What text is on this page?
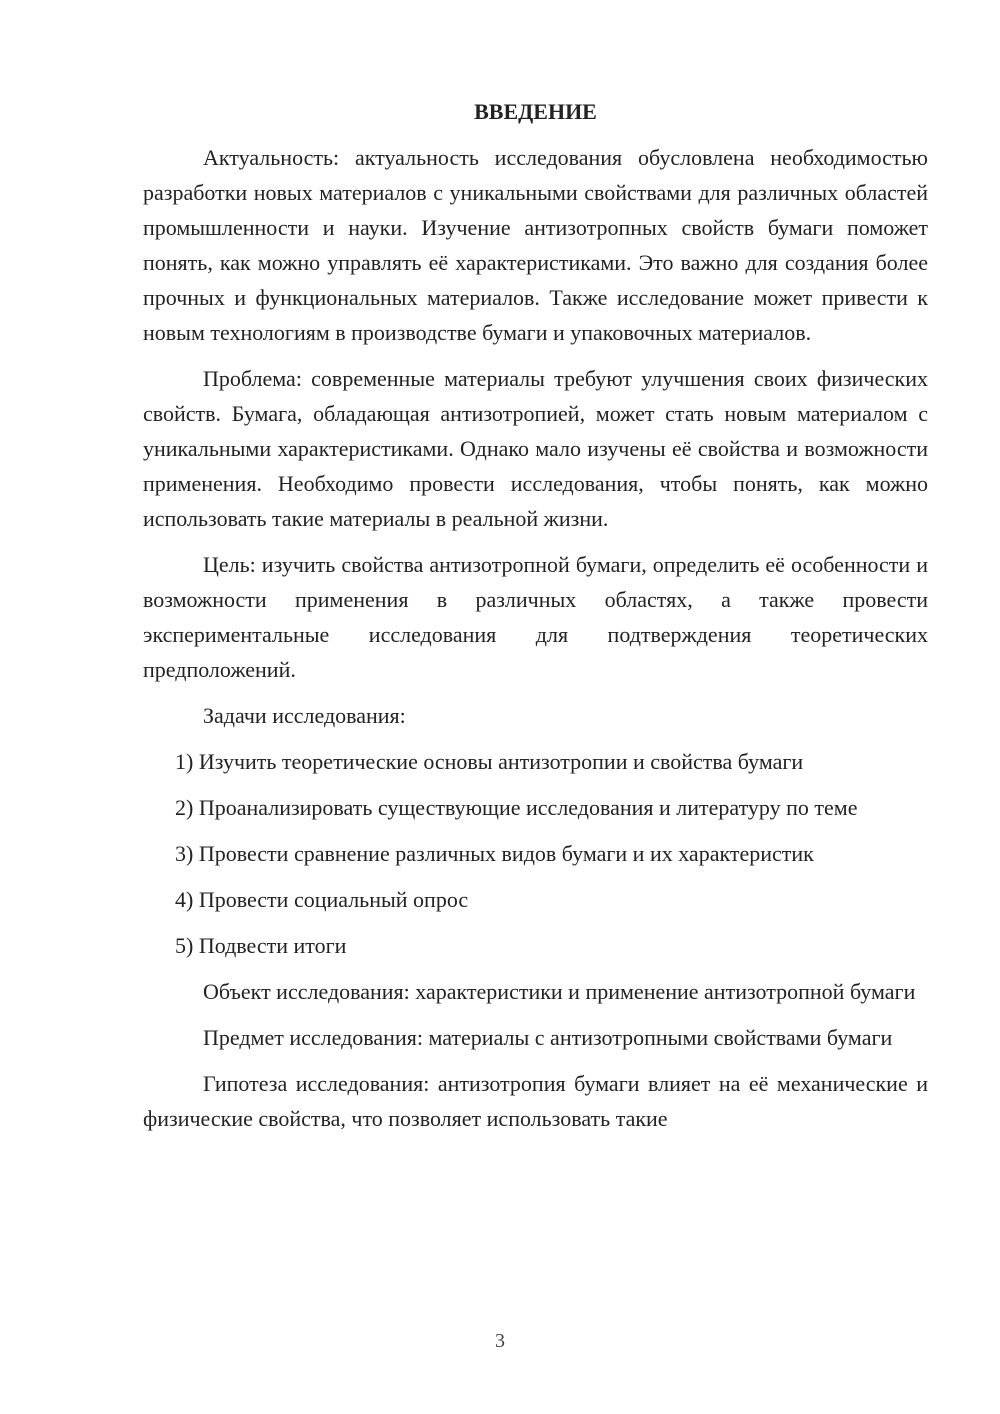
ВВЕДЕНИЕ

Актуальность: актуальность исследования обусловлена необходимостью разработки новых материалов с уникальными свойствами для различных областей промышленности и науки. Изучение антизотропных свойств бумаги поможет понять, как можно управлять её характеристиками. Это важно для создания более прочных и функциональных материалов. Также исследование может привести к новым технологиям в производстве бумаги и упаковочных материалов.

Проблема: современные материалы требуют улучшения своих физических свойств. Бумага, обладающая антизотропией, может стать новым материалом с уникальными характеристиками. Однако мало изучены её свойства и возможности применения. Необходимо провести исследования, чтобы понять, как можно использовать такие материалы в реальной жизни.

Цель: изучить свойства антизотропной бумаги, определить её особенности и возможности применения в различных областях, а также провести экспериментальные исследования для подтверждения теоретических предположений.

Задачи исследования:

1) Изучить теоретические основы антизотропии и свойства бумаги

2) Проанализировать существующие исследования и литературу по теме

3) Провести сравнение различных видов бумаги и их характеристик

4) Провести социальный опрос

5) Подвести итоги

Объект исследования: характеристики и применение антизотропной бумаги

Предмет исследования: материалы с антизотропными свойствами бумаги

Гипотеза исследования: антизотропия бумаги влияет на её механические и физические свойства, что позволяет использовать такие

3
